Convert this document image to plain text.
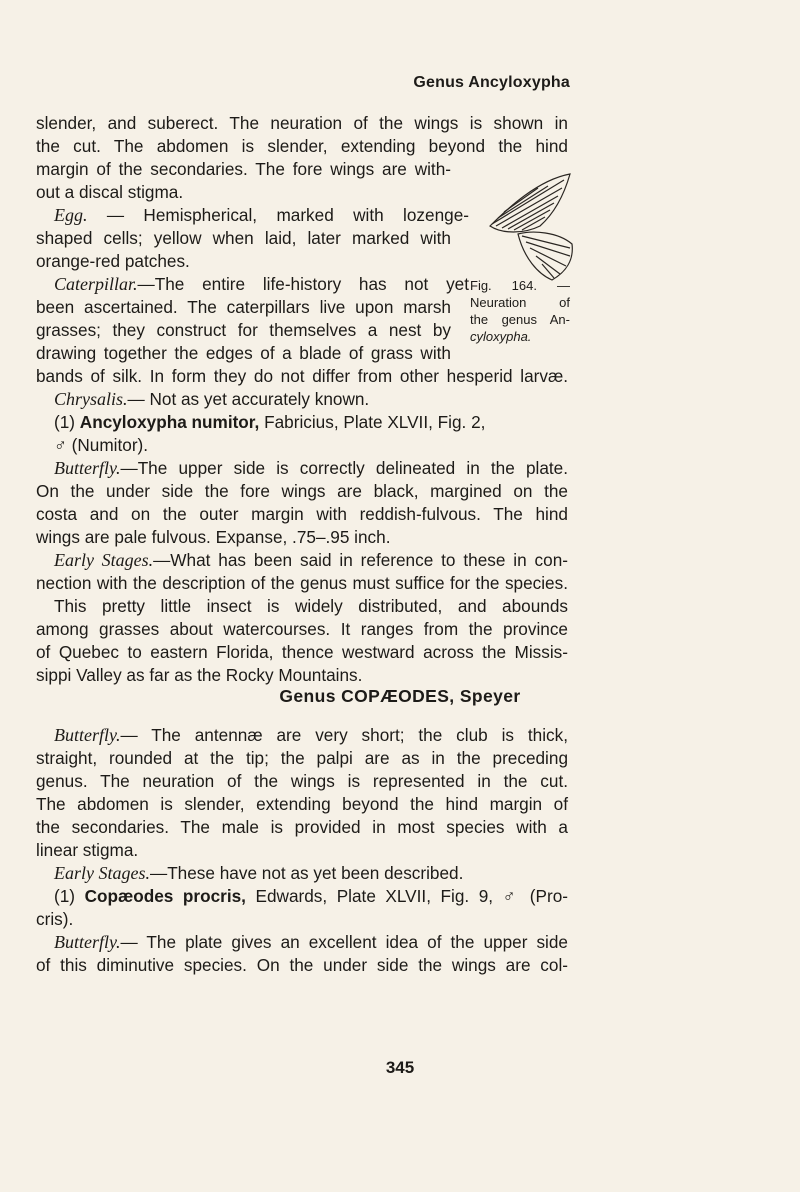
Genus Ancyloxypha
slender, and suberect. The neuration of the wings is shown in
the cut. The abdomen is slender, extending beyond the hind
margin of the secondaries. The fore wings are with-
out a discal stigma.
Egg. — Hemispherical, marked with lozenge-
shaped cells; yellow when laid, later marked with
orange-red patches.
Caterpillar.—The entire life-history has not yet
been ascertained. The caterpillars live upon marsh
grasses; they construct for themselves a nest by
drawing together the edges of a blade of grass with
bands of silk. In form they do not differ from other hesperid larvæ.
Chrysalis.— Not as yet accurately known.
(1) Ancyloxypha numitor, Fabricius, Plate XLVII, Fig. 2,
♂ (Numitor).
Butterfly.—The upper side is correctly delineated in the plate.
On the under side the fore wings are black, margined on the
costa and on the outer margin with reddish-fulvous. The hind
wings are pale fulvous. Expanse, .75–.95 inch.
Early Stages.—What has been said in reference to these in con-
nection with the description of the genus must suffice for the species.
This pretty little insect is widely distributed, and abounds
among grasses about watercourses. It ranges from the province
of Quebec to eastern Florida, thence westward across the Missis-
sippi Valley as far as the Rocky Mountains.
Fig. 164. —
Neuration of
the genus An-
cyloxypha.
Genus COPÆODES, Speyer
Butterfly.— The antennæ are very short; the club is thick,
straight, rounded at the tip; the palpi are as in the preceding
genus. The neuration of the wings is represented in the cut.
The abdomen is slender, extending beyond the hind margin of
the secondaries. The male is provided in most species with a
linear stigma.
Early Stages.—These have not as yet been described.
(1) Copæodes procris, Edwards, Plate XLVII, Fig. 9, ♂ (Pro-
cris).
Butterfly.— The plate gives an excellent idea of the upper side
of this diminutive species. On the under side the wings are col-
345
